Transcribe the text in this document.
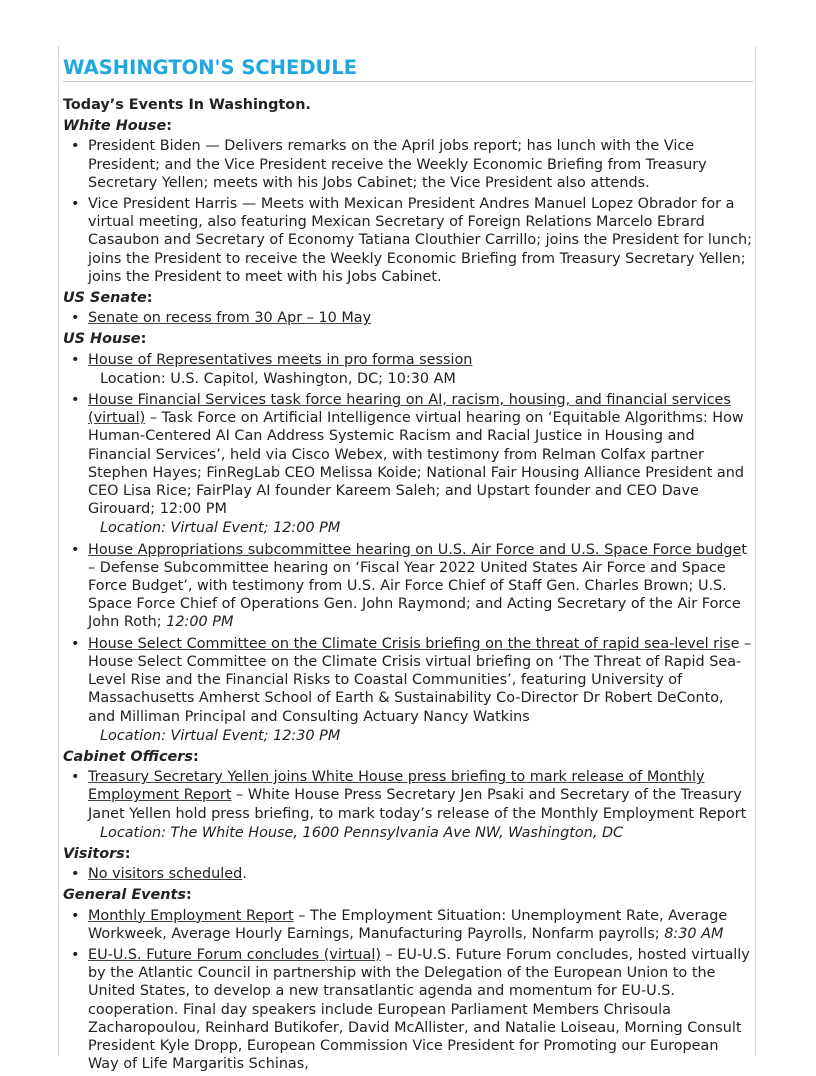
WASHINGTON'S SCHEDULE
Today’s Events In Washington.
White House:
• President Biden — Delivers remarks on the April jobs report; has lunch with the Vice President; and the Vice President receive the Weekly Economic Briefing from Treasury Secretary Yellen; meets with his Jobs Cabinet; the Vice President also attends.
• Vice President Harris — Meets with Mexican President Andres Manuel Lopez Obrador for a virtual meeting, also featuring Mexican Secretary of Foreign Relations Marcelo Ebrard Casaubon and Secretary of Economy Tatiana Clouthier Carrillo; joins the President for lunch; joins the President to receive the Weekly Economic Briefing from Treasury Secretary Yellen; joins the President to meet with his Jobs Cabinet.
US Senate:
• Senate on recess from 30 Apr – 10 May
US House:
• House of Representatives meets in pro forma session
Location: U.S. Capitol, Washington, DC; 10:30 AM
• House Financial Services task force hearing on AI, racism, housing, and financial services (virtual) – Task Force on Artificial Intelligence virtual hearing on ‘Equitable Algorithms: How Human-Centered AI Can Address Systemic Racism and Racial Justice in Housing and Financial Services’, held via Cisco Webex, with testimony from Relman Colfax partner Stephen Hayes; FinRegLab CEO Melissa Koide; National Fair Housing Alliance President and CEO Lisa Rice; FairPlay AI founder Kareem Saleh; and Upstart founder and CEO Dave Girouard; 12:00 PM
Location: Virtual Event; 12:00 PM
• House Appropriations subcommittee hearing on U.S. Air Force and U.S. Space Force budget – Defense Subcommittee hearing on ‘Fiscal Year 2022 United States Air Force and Space Force Budget’, with testimony from U.S. Air Force Chief of Staff Gen. Charles Brown; U.S. Space Force Chief of Operations Gen. John Raymond; and Acting Secretary of the Air Force John Roth; 12:00 PM
• House Select Committee on the Climate Crisis briefing on the threat of rapid sea-level rise – House Select Committee on the Climate Crisis virtual briefing on ‘The Threat of Rapid Sea-Level Rise and the Financial Risks to Coastal Communities’, featuring University of Massachusetts Amherst School of Earth & Sustainability Co-Director Dr Robert DeConto, and Milliman Principal and Consulting Actuary Nancy Watkins
Location: Virtual Event; 12:30 PM
Cabinet Officers:
• Treasury Secretary Yellen joins White House press briefing to mark release of Monthly Employment Report – White House Press Secretary Jen Psaki and Secretary of the Treasury Janet Yellen hold press briefing, to mark today’s release of the Monthly Employment Report
Location: The White House, 1600 Pennsylvania Ave NW, Washington, DC
Visitors:
• No visitors scheduled.
General Events:
• Monthly Employment Report – The Employment Situation: Unemployment Rate, Average Workweek, Average Hourly Earnings, Manufacturing Payrolls, Nonfarm payrolls; 8:30 AM
• EU-U.S. Future Forum concludes (virtual) – EU-U.S. Future Forum concludes, hosted virtually by the Atlantic Council in partnership with the Delegation of the European Union to the United States, to develop a new transatlantic agenda and momentum for EU-U.S. cooperation. Final day speakers include European Parliament Members Chrisoula Zacharopoulou, Reinhard Butikofer, David McAllister, and Natalie Loiseau, Morning Consult President Kyle Dropp, European Commission Vice President for Promoting our European Way of Life Margaritis Schinas,
